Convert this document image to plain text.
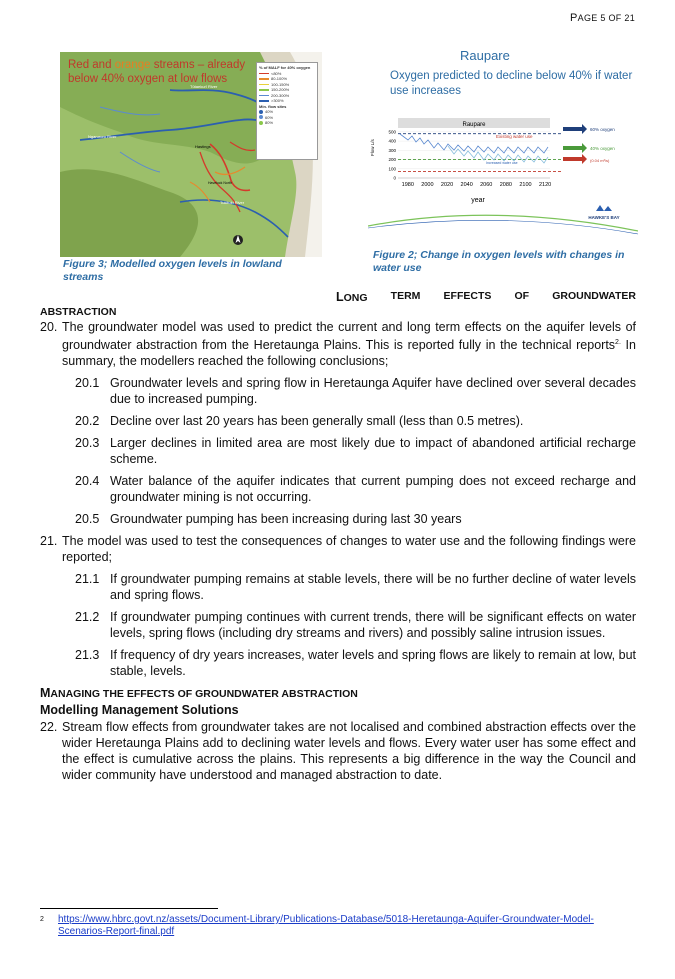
PAGE 5 OF 21
Tūtaekurī River
Ngaruroro River
Tukituki River
Hastings
Havelock North
Red and orange streams – already below 40% oxygen at low flows
% of MALF for 40% oxygen
<80%
80-100%
100-150%
150-200%
200-300%
>300%
Min. flow sites
40%
60%
80%
Figure 3; Modelled oxygen levels in lowland streams
Raupare
Oxygen predicted to decline below 40% if water use increases
Raupare
Flow L/s
year
0
100
200
300
400
500
1980 2000 2020 2040 2060 2080 2100 2120
Existing water use
Increased water use
60% oxygen
40% oxygen
(0.04 m³/s)
HAWKE'S BAY
Figure 2; Change in oxygen levels with changes in water use
LONG TERM EFFECTS OF GROUNDWATER
ABSTRACTION
20. The groundwater model was used to predict the current and long term effects on the aquifer levels of groundwater abstraction from the Heretaunga Plains. This is reported fully in the technical reports$^{2.}$ In summary, the modellers reached the following conclusions;
20.1 Groundwater levels and spring flow in Heretaunga Aquifer have declined over several decades due to increased pumping.
20.2 Decline over last 20 years has been generally small (less than 0.5 metres).
20.3 Larger declines in limited area are most likely due to impact of abandoned artificial recharge scheme.
20.4 Water balance of the aquifer indicates that current pumping does not exceed recharge and groundwater mining is not occurring.
20.5 Groundwater pumping has been increasing during last 30 years
21. The model was used to test the consequences of changes to water use and the following findings were reported;
21.1 If groundwater pumping remains at stable levels, there will be no further decline of water levels and spring flows.
21.2 If groundwater pumping continues with current trends, there will be significant effects on water levels, spring flows (including dry streams and rivers) and possibly saline intrusion issues.
21.3 If frequency of dry years increases, water levels and spring flows are likely to remain at low, but stable, levels.
MANAGING THE EFFECTS OF GROUNDWATER ABSTRACTION
Modelling Management Solutions
22. Stream flow effects from groundwater takes are not localised and combined abstraction effects over the wider Heretaunga Plains add to declining water levels and flows. Every water user has some effect and the effect is cumulative across the plains. This represents a big difference in the way the Council and wider community have understood and managed abstraction to date.
2	https://www.hbrc.govt.nz/assets/Document-Library/Publications-Database/5018-Heretaunga-Aquifer-Groundwater-Model-Scenarios-Report-final.pdf
